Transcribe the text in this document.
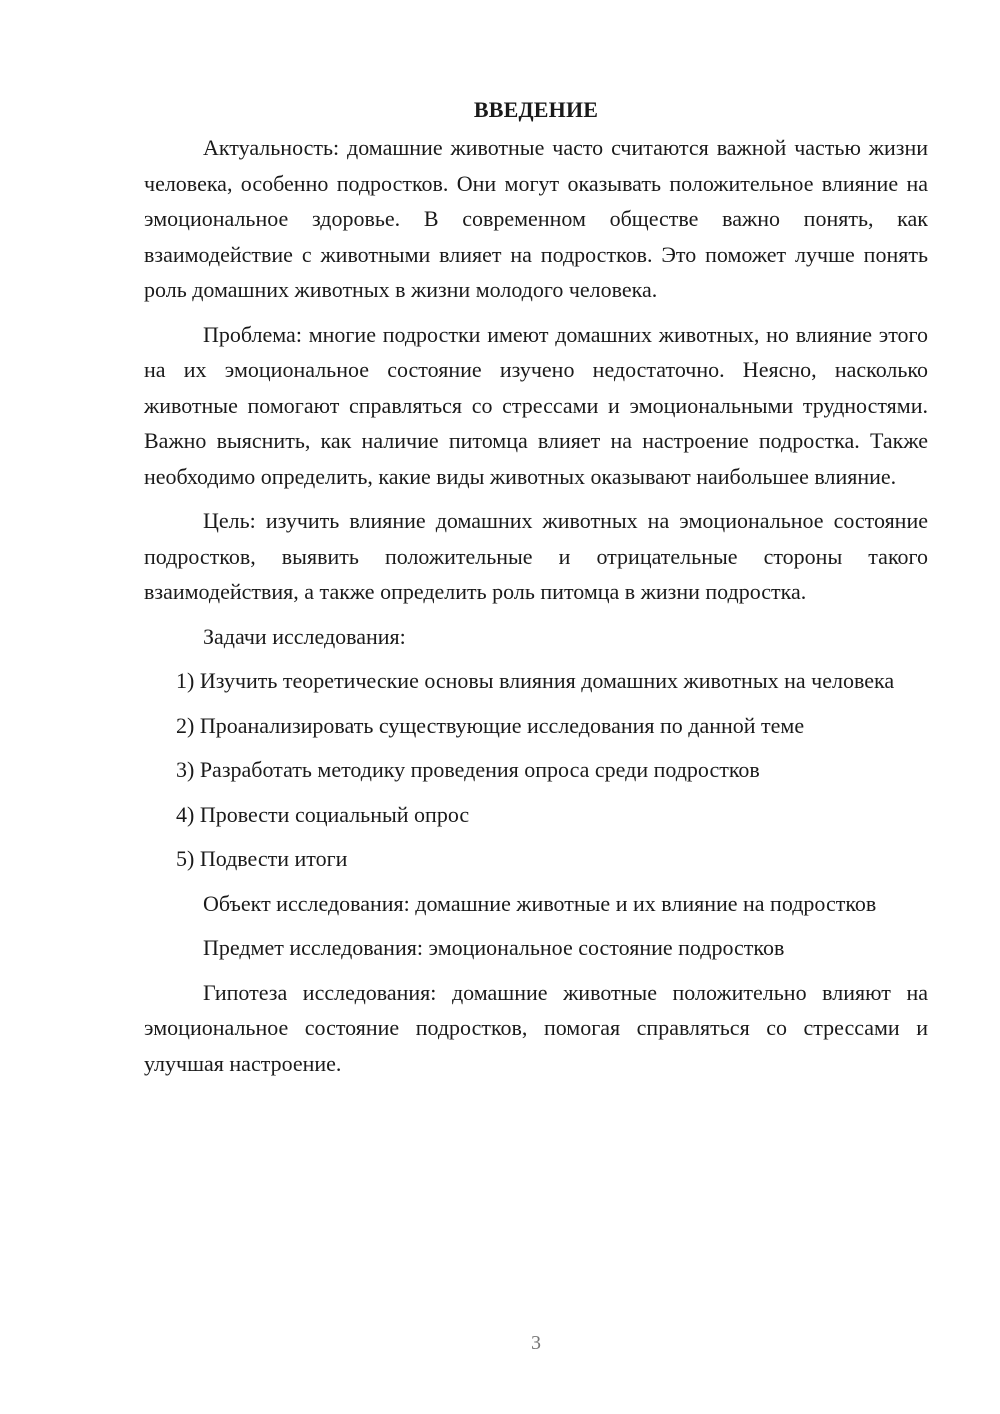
ВВЕДЕНИЕ

Актуальность: домашние животные часто считаются важной частью жизни человека, особенно подростков. Они могут оказывать положительное влияние на эмоциональное здоровье. В современном обществе важно понять, как взаимодействие с животными влияет на подростков. Это поможет лучше понять роль домашних животных в жизни молодого человека.

Проблема: многие подростки имеют домашних животных, но влияние этого на их эмоциональное состояние изучено недостаточно. Неясно, насколько животные помогают справляться со стрессами и эмоциональными трудностями. Важно выяснить, как наличие питомца влияет на настроение подростка. Также необходимо определить, какие виды животных оказывают наибольшее влияние.

Цель: изучить влияние домашних животных на эмоциональное состояние подростков, выявить положительные и отрицательные стороны такого взаимодействия, а также определить роль питомца в жизни подростка.

Задачи исследования:

1) Изучить теоретические основы влияния домашних животных на человека

2) Проанализировать существующие исследования по данной теме

3) Разработать методику проведения опроса среди подростков

4) Провести социальный опрос

5) Подвести итоги

Объект исследования: домашние животные и их влияние на подростков

Предмет исследования: эмоциональное состояние подростков

Гипотеза исследования: домашние животные положительно влияют на эмоциональное состояние подростков, помогая справляться со стрессами и улучшая настроение.

3
